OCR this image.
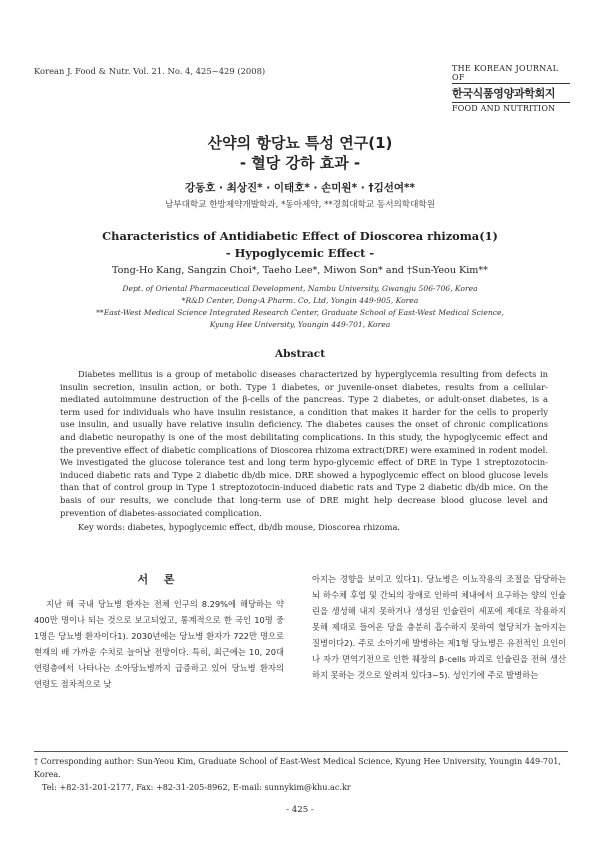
Korean J. Food & Nutr. Vol. 21. No. 4, 425~429 (2008)	THE KOREAN JOURNAL OF
한국식품영양과학회지
FOOD AND NUTRITION
산약의 항당뇨 특성 연구(1)
- 혈당 강하 효과 -
강동호 · 최상진* · 이태호* · 손미원* · †김선여**
남부대학교 한방제약개발학과, *동아제약, **경희대학교 동서의학대학원
Characteristics of Antidiabetic Effect of Dioscorea rhizoma(1)
- Hypoglycemic Effect -
Tong-Ho Kang, Sangzin Choi*, Taeho Lee*, Miwon Son* and †Sun-Yeou Kim**
Dept. of Oriental Pharmaceutical Development, Nambu University, Gwangju 506-706, Korea
*R&D Center, Dong-A Pharm. Co, Ltd, Yongin 449-905, Korea
**East-West Medical Science Integrated Research Center, Graduate School of East-West Medical Science,
Kyung Hee University, Youngin 449-701, Korea
Abstract
Diabetes mellitus is a group of metabolic diseases characterized by hyperglycemia resulting from defects in insulin secretion, insulin action, or both. Type 1 diabetes, or juvenile-onset diabetes, results from a cellular-mediated autoimmune destruction of the β-cells of the pancreas. Type 2 diabetes, or adult-onset diabetes, is a term used for individuals who have insulin resistance, a condition that makes it harder for the cells to properly use insulin, and usually have relative insulin deficiency. The diabetes causes the onset of chronic complications and diabetic neuropathy is one of the most debilitating complications. In this study, the hypoglycemic effect and the preventive effect of diabetic complications of Dioscorea rhizoma extract(DRE) were examined in rodent model. We investigated the glucose tolerance test and long term hypo-glycemic effect of DRE in Type 1 streptozotocin-induced diabetic rats and Type 2 diabetic db/db mice. DRE showed a hypoglycemic effect on blood glucose levels than that of control group in Type 1 streptozotocin-induced diabetic rats and Type 2 diabetic db/db mice. On the basis of our results, we conclude that long-term use of DRE might help decrease blood glucose level and prevention of diabetes-associated complication.
Key words: diabetes, hypoglycemic effect, db/db mouse, Dioscorea rhizoma.
서 론
지난 해 국내 당뇨병 환자는 전체 인구의 8.29%에 해당하는 약 400만 명이나 되는 것으로 보고되었고, 통계적으로 한 국인 10명 중 1명은 당뇨병 환자이다1). 2030년에는 당뇨병 환자가 722만 명으로 현재의 배 가까운 수치로 늘어날 전망이다. 특히, 최근에는 10, 20대 연령층에서 나타나는 소아당뇨병까지 급증하고 있어 당뇨병 환자의 연령도 점차적으로 낮
아지는 경향을 보이고 있다1). 당뇨병은 이뇨작용의 조절을 담당하는 뇌 하수체 후엽 및 간뇌의 장애로 인하여 체내에서 요구하는 양의 인슐린을 생성해 내지 못하거나 생성된 인슐린이 세포에 제대로 작용하지 못해 제대로 들어온 당을 충분히 흡수하지 못하여 혈당치가 높아지는 질병이다2). 주로 소아기에 발병하는 제1형 당뇨병은 유전적인 요인이나 자가 면역기전으로 인한 췌장의 β-cells 파괴로 인슐린을 전혀 생산 하지 못하는 것으로 알려져 있다3~5). 성인기에 주로 발병하는
† Corresponding author: Sun-Yeou Kim, Graduate School of East-West Medical Science, Kyung Hee University, Youngin 449-701, Korea.
Tel: +82-31-201-2177, Fax: +82-31-205-8962, E-mail: sunnykim@khu.ac.kr
- 425 -
